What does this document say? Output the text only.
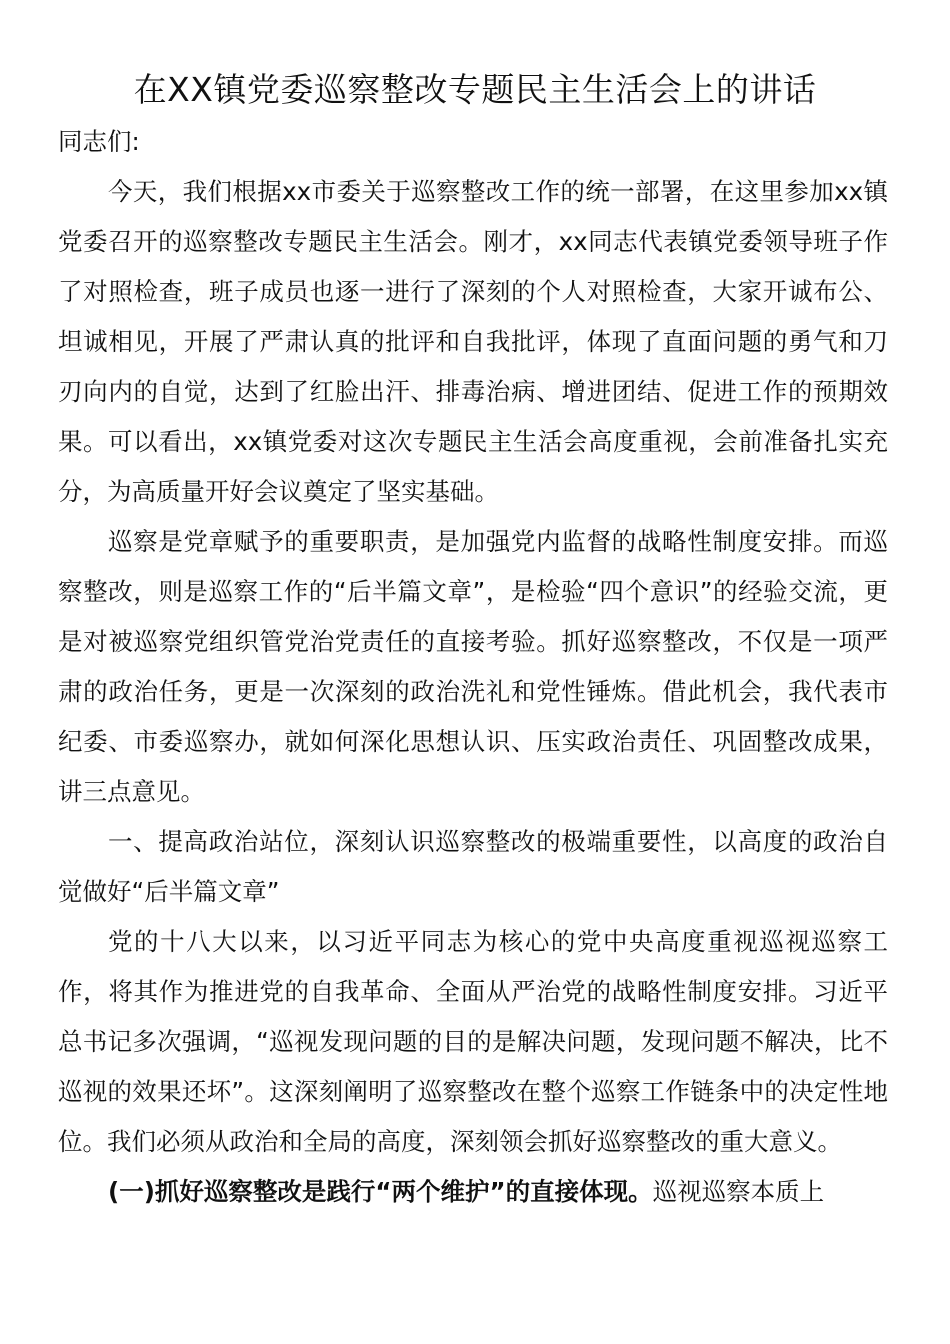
在XX镇党委巡察整改专题民主生活会上的讲话

同志们:

今天，我们根据xx市委关于巡察整改工作的统一部署，在这里参加xx镇党委召开的巡察整改专题民主生活会。刚才，xx同志代表镇党委领导班子作了对照检查，班子成员也逐一进行了深刻的个人对照检查，大家开诚布公、坦诚相见，开展了严肃认真的批评和自我批评，体现了直面问题的勇气和刀刃向内的自觉，达到了红脸出汗、排毒治病、增进团结、促进工作的预期效果。可以看出，xx镇党委对这次专题民主生活会高度重视，会前准备扎实充分，为高质量开好会议奠定了坚实基础。

巡察是党章赋予的重要职责，是加强党内监督的战略性制度安排。而巡察整改，则是巡察工作的“后半篇文章”，是检验“四个意识”的经验交流，更是对被巡察党组织管党治党责任的直接考验。抓好巡察整改，不仅是一项严肃的政治任务，更是一次深刻的政治洗礼和党性锤炼。借此机会，我代表市纪委、市委巡察办，就如何深化思想认识、压实政治责任、巩固整改成果，讲三点意见。

一、提高政治站位，深刻认识巡察整改的极端重要性，以高度的政治自觉做好“后半篇文章”

党的十八大以来，以习近平同志为核心的党中央高度重视巡视巡察工作，将其作为推进党的自我革命、全面从严治党的战略性制度安排。习近平总书记多次强调，“巡视发现问题的目的是解决问题，发现问题不解决，比不巡视的效果还坏”。这深刻阐明了巡察整改在整个巡察工作链条中的决定性地位。我们必须从政治和全局的高度，深刻领会抓好巡察整改的重大意义。

(一)抓好巡察整改是践行“两个维护”的直接体现。巡视巡察本质上
